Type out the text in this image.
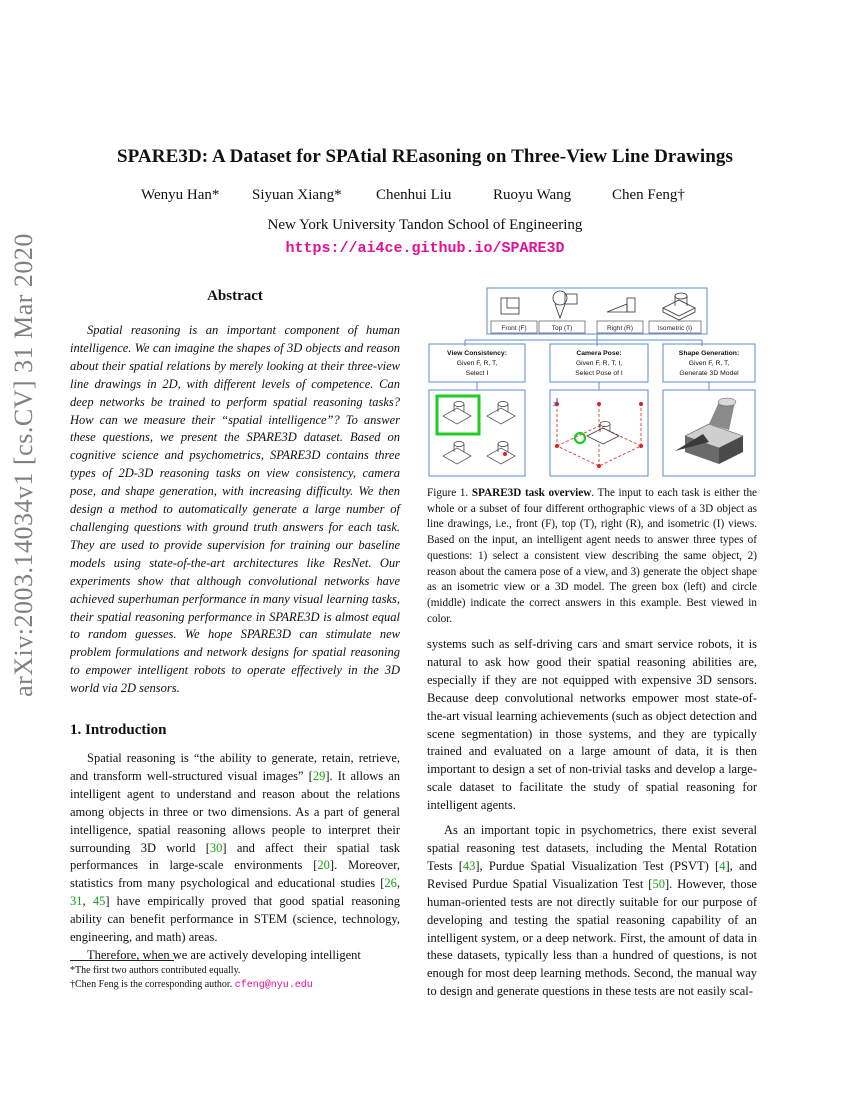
SPARE3D: A Dataset for SPAtial REasoning on Three-View Line Drawings
Wenyu Han* Siyuan Xiang* Chenhui Liu	Ruoyu Wang	Chen Feng†
New York University Tandon School of Engineering
https://ai4ce.github.io/SPARE3D
arXiv:2003.14034v1 [cs.CV] 31 Mar 2020	Abstract
Spatial reasoning is an important component of human intelligence. We can imagine the shapes of 3D objects and reason about their spatial relations by merely looking at their three-view line drawings in 2D, with different levels of competence. Can deep networks be trained to perform spatial reasoning tasks? How can we measure their “spatial intelligence”? To answer these questions, we present the SPARE3D dataset. Based on cognitive science and psychometrics, SPARE3D contains three types of 2D-3D reasoning tasks on view consistency, camera pose, and shape generation, with increasing difficulty. We then design a method to automatically generate a large number of challenging questions with ground truth answers for each task. They are used to provide supervision for training our baseline models using state-of-the-art architectures like ResNet. Our experiments show that although convolutional networks have achieved superhuman performance in many visual learning tasks, their spatial reasoning performance in SPARE3D is almost equal to random guesses. We hope SPARE3D can stimulate new problem formulations and network designs for spatial reasoning to empower intelligent robots to operate effectively in the 3D world via 2D sensors.
1. Introduction

Spatial reasoning is “the ability to generate, retain, retrieve, and transform well-structured visual images” [29]. It allows an intelligent agent to understand and reason about the relations among objects in three or two dimensions. As a part of general intelligence, spatial reasoning allows people to interpret their surrounding 3D world [30] and affect their spatial task performances in large-scale environments [20]. Moreover, statistics from many psychological and educational studies [26, 31, 45] have empirically proved that good spatial reasoning ability can benefit performance in STEM (science, technology, engineering, and math) areas.

Therefore, when we are actively developing intelligent

*The first two authors contributed equally.
†Chen Feng is the corresponding author. cfeng@nyu.edu
Front (F)	Top (T)	Right (R)	Isometric (I)
View Consistency:
Given F, R, T,
Select I
Camera Pose:
Given F, R, T, I,
Select Pose of I
Shape Generation:
Given F, R, T,
Generate 3D Model
z
Figure 1. SPARE3D task overview. The input to each task is either the whole or a subset of four different orthographic views of a 3D object as line drawings, i.e., front (F), top (T), right (R), and isometric (I) views. Based on the input, an intelligent agent needs to answer three types of questions: 1) select a consistent view describing the same object, 2) reason about the camera pose of a view, and 3) generate the object shape as an isometric view or a 3D model. The green box (left) and circle (middle) indicate the correct answers in this example. Best viewed in color.

systems such as self-driving cars and smart service robots, it is natural to ask how good their spatial reasoning abilities are, especially if they are not equipped with expensive 3D sensors. Because deep convolutional networks empower most state-of-the-art visual learning achievements (such as object detection and scene segmentation) in those systems, and they are typically trained and evaluated on a large amount of data, it is then important to design a set of non-trivial tasks and develop a large-scale dataset to facilitate the study of spatial reasoning for intelligent agents.

As an important topic in psychometrics, there exist several spatial reasoning test datasets, including the Mental Rotation Tests [43], Purdue Spatial Visualization Test (PSVT) [4], and Revised Purdue Spatial Visualization Test [50]. However, those human-oriented tests are not directly suitable for our purpose of developing and testing the spatial reasoning capability of an intelligent system, or a deep network. First, the amount of data in these datasets, typically less than a hundred of questions, is not enough for most deep learning methods. Second, the manual way to design and generate questions in these tests are not easily scal-
